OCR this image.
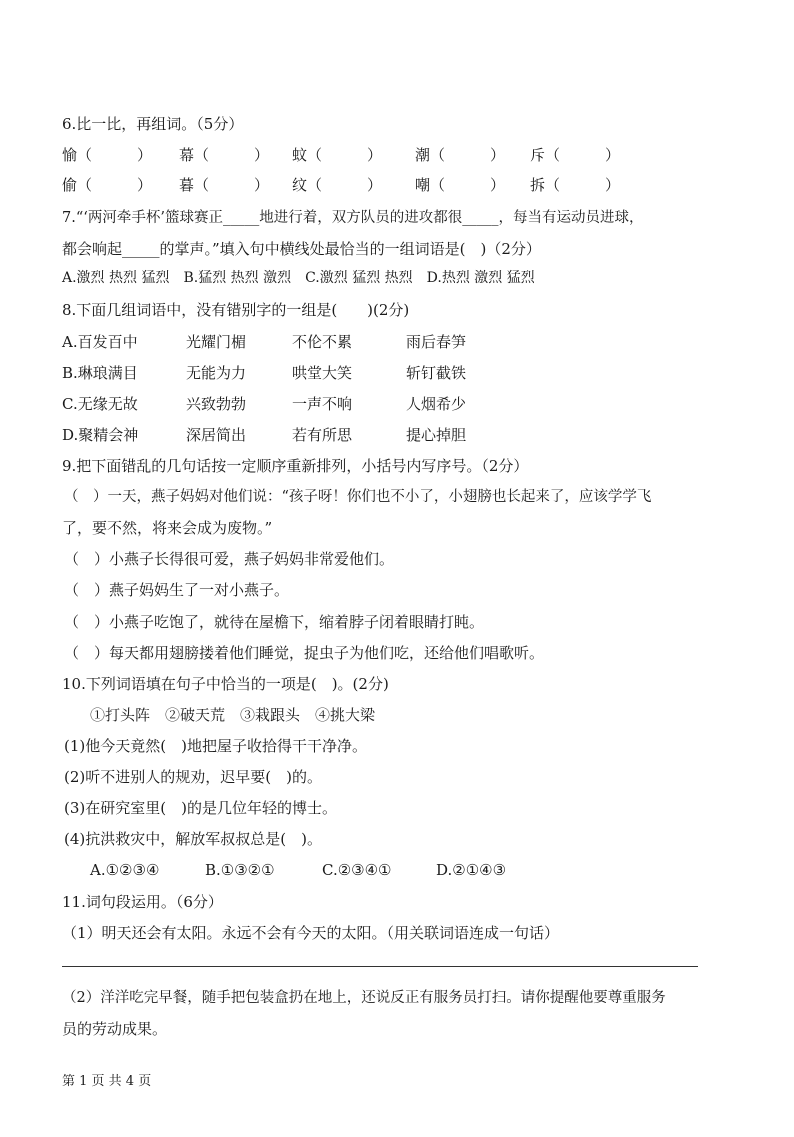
6.比一比，再组词。（5分）
愉（　　　） 幕（　　　） 蚊（　　　） 潮（　　　） 斥（　　　）
偷（　　　） 暮（　　　） 纹（　　　） 嘲（　　　） 拆（　　　）
7.“‘两河牵手杯’篮球赛正_____地进行着，双方队员的进攻都很_____，每当有运动员进球，
都会响起_____的掌声。”填入句中横线处最恰当的一组词语是(　)（2分）
A.激烈 热烈 猛烈　B.猛烈 热烈 激烈　C.激烈 猛烈 热烈　D.热烈 激烈 猛烈
8.下面几组词语中，没有错别字的一组是(　　)(2分)
A.百发百中	光耀门楣	不伦不累	雨后春笋
B.琳琅满目	无能为力	哄堂大笑	斩钉截铁
C.无缘无故	兴致勃勃	一声不响	人烟希少
D.聚精会神	深居简出	若有所思	提心掉胆
9.把下面错乱的几句话按一定顺序重新排列，小括号内写序号。（2分）
（　）一天，燕子妈妈对他们说：“孩子呀！你们也不小了，小翅膀也长起来了，应该学学飞
了，要不然，将来会成为废物。”
（　）小燕子长得很可爱，燕子妈妈非常爱他们。
（　）燕子妈妈生了一对小燕子。
（　）小燕子吃饱了，就待在屋檐下，缩着脖子闭着眼睛打盹。
（　）每天都用翅膀搂着他们睡觉，捉虫子为他们吃，还给他们唱歌听。
10.下列词语填在句子中恰当的一项是(　)。(2分)
①打头阵　②破天荒　③栽跟头　④挑大梁
(1)他今天竟然(　)地把屋子收拾得干干净净。
(2)听不进别人的规劝，迟早要(　)的。
(3)在研究室里(　)的是几位年轻的博士。
(4)抗洪救灾中，解放军叔叔总是(　)。
A.①②③④	B.①③②①	C.②③④①	D.②①④③
11.词句段运用。（6分）
（1）明天还会有太阳。永远不会有今天的太阳。（用关联词语连成一句话）
（2）洋洋吃完早餐，随手把包装盒扔在地上，还说反正有服务员打扫。请你提醒他要尊重服务
员的劳动成果。
第 1 页 共 4 页
